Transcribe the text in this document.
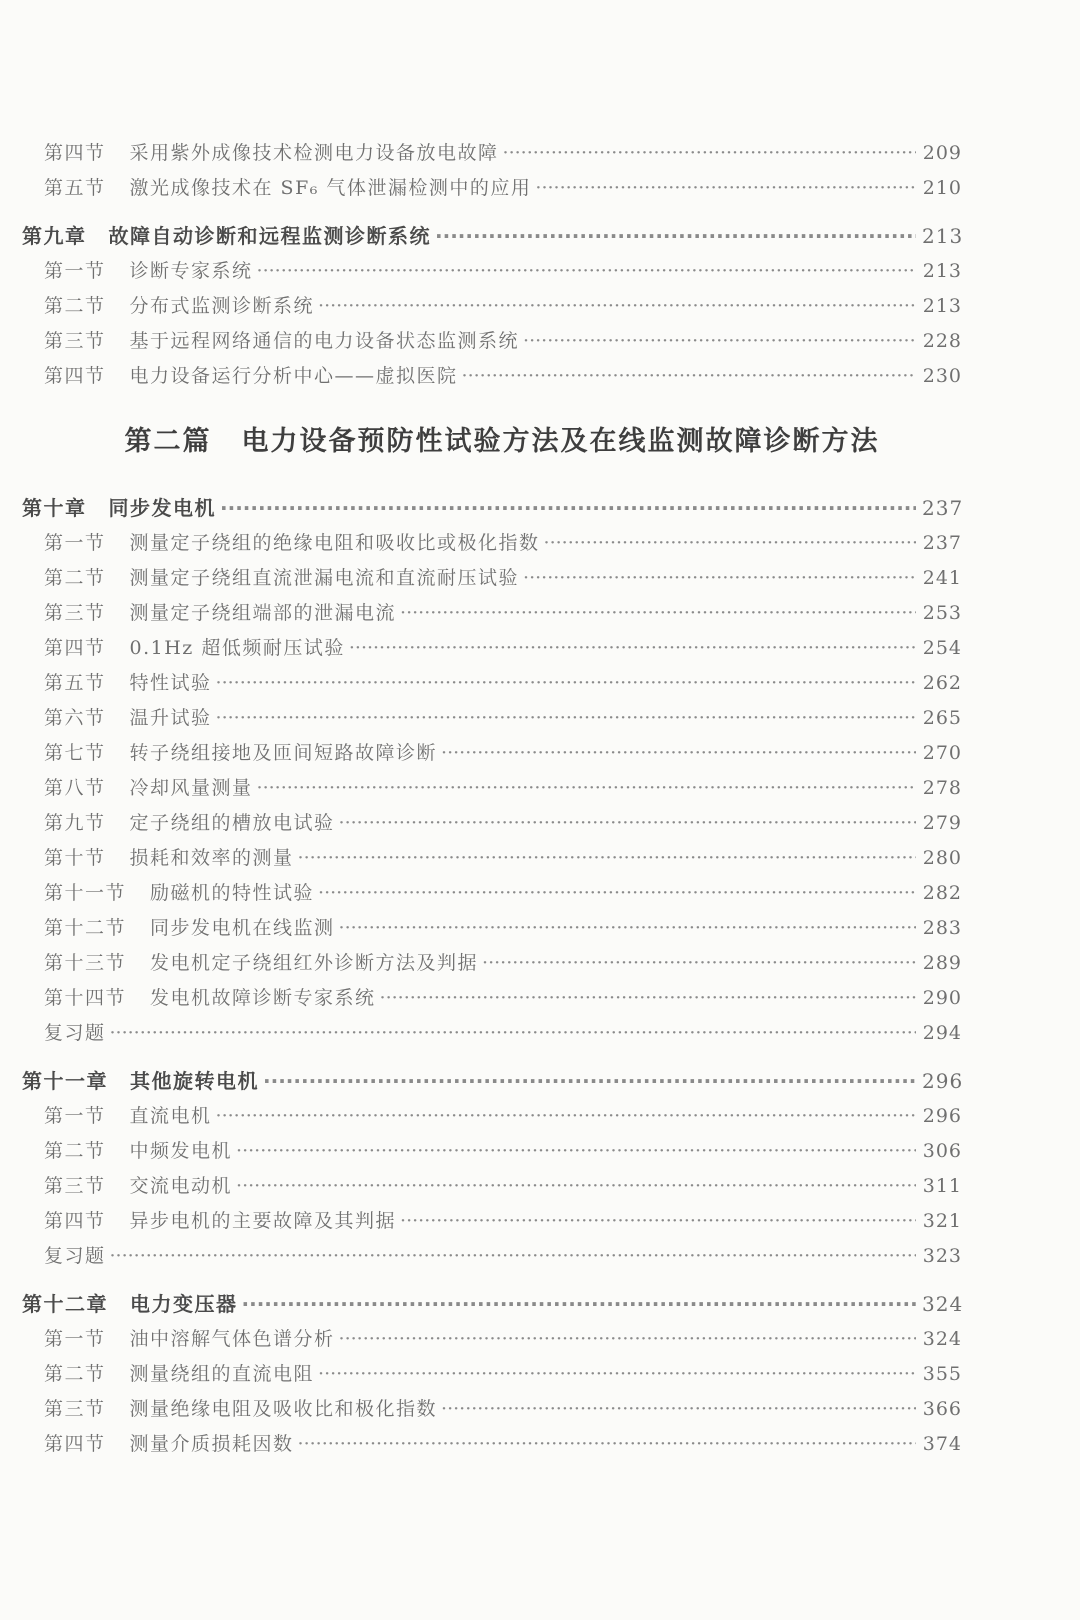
第四节 采用紫外成像技术检测电力设备放电故障 ·····	209
第五节 激光成像技术在 SF₆ 气体泄漏检测中的应用 ·····	210
第九章 故障自动诊断和远程监测诊断系统 ·····	213
第一节 诊断专家系统 ·····	213
第二节 分布式监测诊断系统 ·····	213
第三节 基于远程网络通信的电力设备状态监测系统 ·····	228
第四节 电力设备运行分析中心——虚拟医院 ·····	230
第二篇 电力设备预防性试验方法及在线监测故障诊断方法
第十章 同步发电机 ·····	237
第一节 测量定子绕组的绝缘电阻和吸收比或极化指数 ·····	237
第二节 测量定子绕组直流泄漏电流和直流耐压试验 ·····	241
第三节 测量定子绕组端部的泄漏电流 ·····	253
第四节 0.1Hz 超低频耐压试验 ·····	254
第五节 特性试验 ·····	262
第六节 温升试验 ·····	265
第七节 转子绕组接地及匝间短路故障诊断 ·····	270
第八节 冷却风量测量 ·····	278
第九节 定子绕组的槽放电试验 ·····	279
第十节 损耗和效率的测量 ·····	280
第十一节 励磁机的特性试验 ·····	282
第十二节 同步发电机在线监测 ·····	283
第十三节 发电机定子绕组红外诊断方法及判据 ·····	289
第十四节 发电机故障诊断专家系统 ·····	290
复习题 ·····	294
第十一章 其他旋转电机 ·····	296
第一节 直流电机 ·····	296
第二节 中频发电机 ·····	306
第三节 交流电动机 ·····	311
第四节 异步电机的主要故障及其判据 ·····	321
复习题 ·····	323
第十二章 电力变压器 ·····	324
第一节 油中溶解气体色谱分析 ·····	324
第二节 测量绕组的直流电阻 ·····	355
第三节 测量绝缘电阻及吸收比和极化指数 ·····	366
第四节 测量介质损耗因数 ·····	374
